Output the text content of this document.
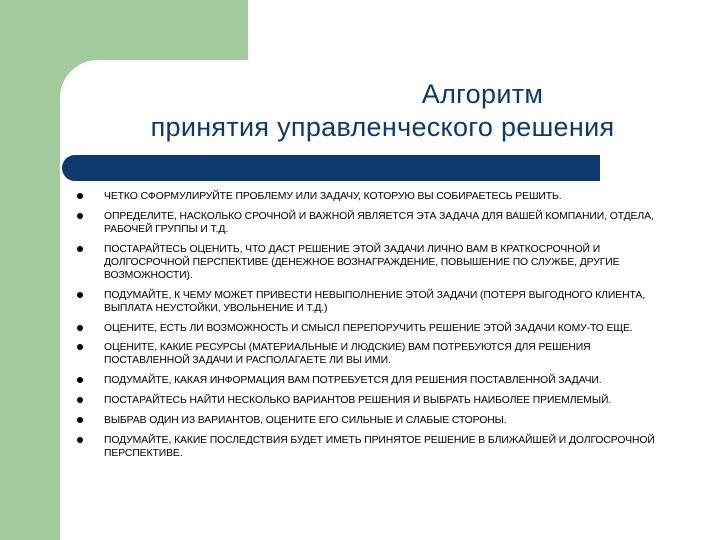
Алгоритм
принятия управленческого решения
ЧЕТКО СФОРМУЛИРУЙТЕ ПРОБЛЕМУ ИЛИ ЗАДАЧУ, КОТОРУЮ ВЫ СОБИРАЕТЕСЬ РЕШИТЬ.
ОПРЕДЕЛИТЕ, НАСКОЛЬКО СРОЧНОЙ И ВАЖНОЙ ЯВЛЯЕТСЯ ЭТА ЗАДАЧА ДЛЯ ВАШЕЙ КОМПАНИИ, ОТДЕЛА, РАБОЧЕЙ ГРУППЫ И Т.Д.
ПОСТАРАЙТЕСЬ ОЦЕНИТЬ, ЧТО ДАСТ РЕШЕНИЕ ЭТОЙ ЗАДАЧИ ЛИЧНО ВАМ В КРАТКОСРОЧНОЙ И ДОЛГОСРОЧНОЙ ПЕРСПЕКТИВЕ (ДЕНЕЖНОЕ ВОЗНАГРАЖДЕНИЕ, ПОВЫШЕНИЕ ПО СЛУЖБЕ, ДРУГИЕ ВОЗМОЖНОСТИ).
ПОДУМАЙТЕ, К ЧЕМУ МОЖЕТ ПРИВЕСТИ НЕВЫПОЛНЕНИЕ ЭТОЙ ЗАДАЧИ (ПОТЕРЯ ВЫГОДНОГО КЛИЕНТА, ВЫПЛАТА НЕУСТОЙКИ, УВОЛЬНЕНИЕ И Т.Д.)
ОЦЕНИТЕ, ЕСТЬ ЛИ ВОЗМОЖНОСТЬ И СМЫСЛ ПЕРЕПОРУЧИТЬ РЕШЕНИЕ ЭТОЙ ЗАДАЧИ КОМУ-ТО ЕЩЕ.
ОЦЕНИТЕ, КАКИЕ РЕСУРСЫ (МАТЕРИАЛЬНЫЕ И ЛЮДСКИЕ) ВАМ ПОТРЕБУЮТСЯ ДЛЯ РЕШЕНИЯ ПОСТАВЛЕННОЙ ЗАДАЧИ И РАСПОЛАГАЕТЕ ЛИ ВЫ ИМИ.
ПОДУМАЙТЕ, КАКАЯ ИНФОРМАЦИЯ ВАМ ПОТРЕБУЕТСЯ ДЛЯ РЕШЕНИЯ ПОСТАВЛЕННОЙ ЗАДАЧИ.
ПОСТАРАЙТЕСЬ НАЙТИ НЕСКОЛЬКО ВАРИАНТОВ РЕШЕНИЯ И ВЫБРАТЬ НАИБОЛЕЕ ПРИЕМЛЕМЫЙ.
ВЫБРАВ ОДИН ИЗ ВАРИАНТОВ, ОЦЕНИТЕ ЕГО СИЛЬНЫЕ И СЛАБЫЕ СТОРОНЫ.
ПОДУМАЙТЕ, КАКИЕ ПОСЛЕДСТВИЯ БУДЕТ ИМЕТЬ ПРИНЯТОЕ РЕШЕНИЕ В БЛИЖАЙШЕЙ И ДОЛГОСРОЧНОЙ ПЕРСПЕКТИВЕ.
